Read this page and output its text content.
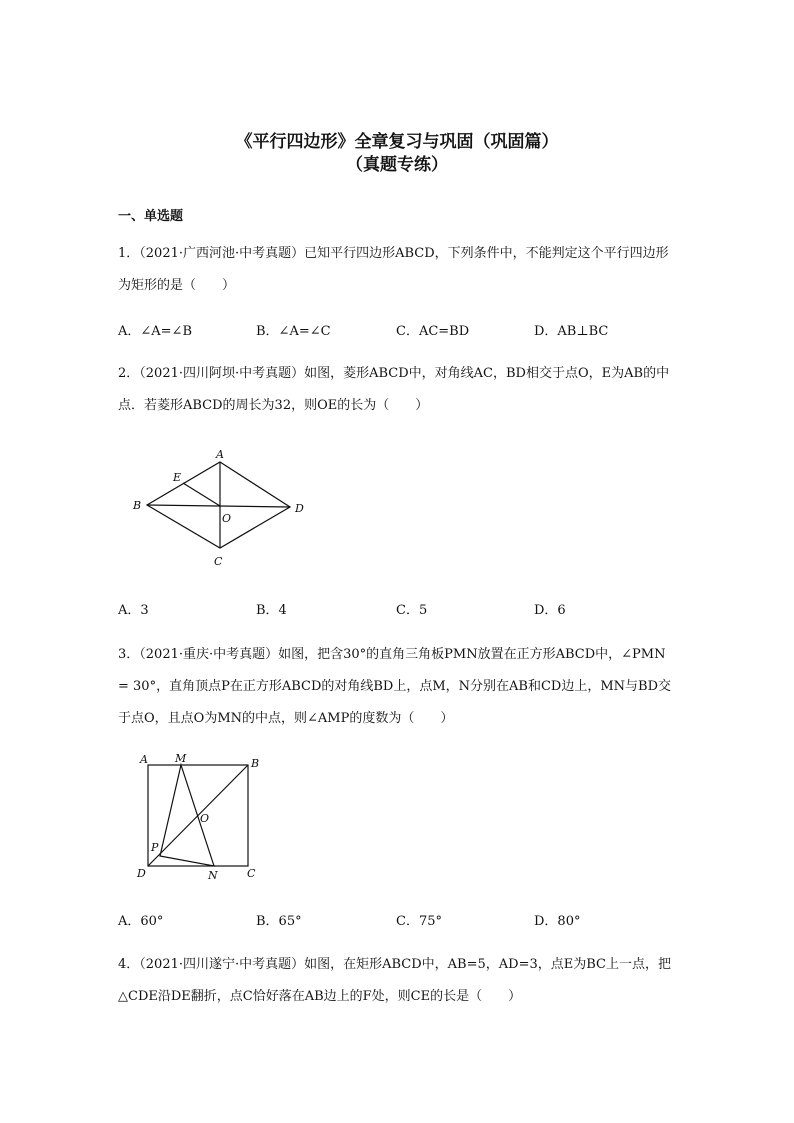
《平行四边形》全章复习与巩固（巩固篇）
（真题专练）
一、单选题
1．（2021·广西河池·中考真题）已知平行四边形ABCD，下列条件中，不能判定这个平行四边形为矩形的是（　　）
A．∠A=∠B	B．∠A=∠C	C．AC=BD	D．AB⊥BC
2．（2021·四川阿坝·中考真题）如图，菱形ABCD中，对角线AC，BD相交于点O，E为AB的中点．若菱形ABCD的周长为32，则OE的长为（　　）
A
B
C
D
E
O
A．3	B．4	C．5	D．6
3．（2021·重庆·中考真题）如图，把含30°的直角三角板PMN放置在正方形ABCD中，∠PMN = 30°，直角顶点P在正方形ABCD的对角线BD上，点M，N分别在AB和CD边上，MN与BD交于点O，且点O为MN的中点，则∠AMP的度数为（　　）
A M	B
O
P
D	N	C
A．60°	B．65°	C．75°	D．80°
4．（2021·四川遂宁·中考真题）如图，在矩形ABCD中，AB=5，AD=3，点E为BC上一点，把△CDE沿DE翻折，点C恰好落在AB边上的F处，则CE的长是（　　）
